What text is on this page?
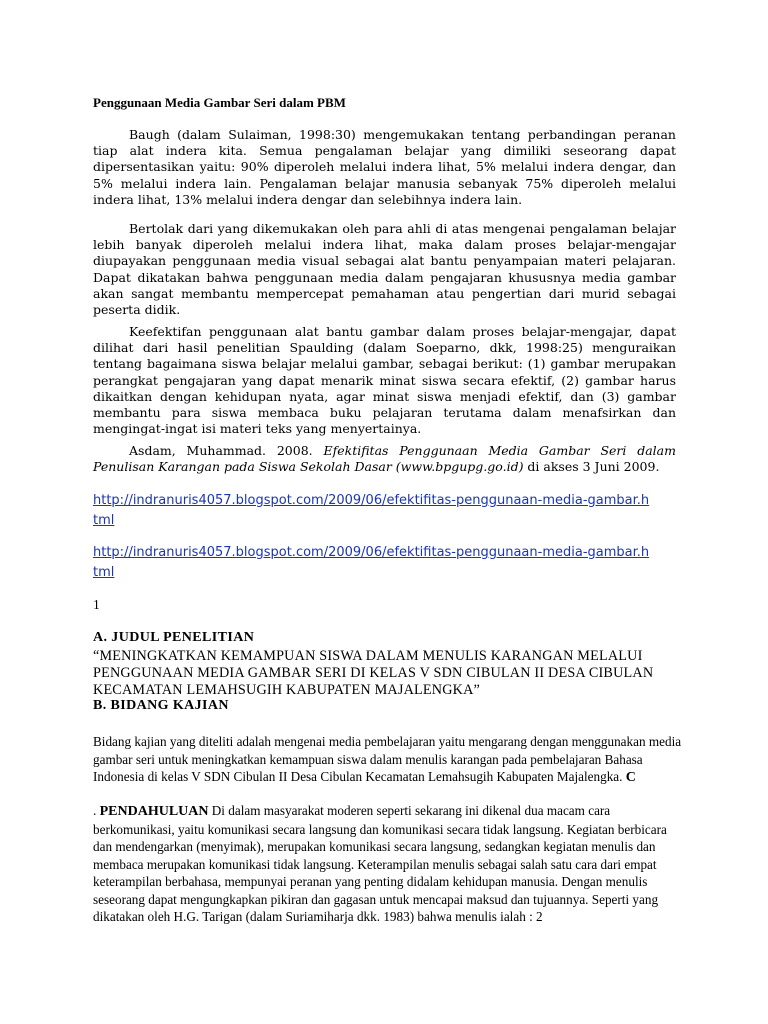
Penggunaan Media Gambar Seri dalam PBM

Baugh (dalam Sulaiman, 1998:30) mengemukakan tentang perbandingan peranan tiap alat indera kita. Semua pengalaman belajar yang dimiliki seseorang dapat dipersentasikan yaitu: 90% diperoleh melalui indera lihat, 5% melalui indera dengar, dan 5% melalui indera lain. Pengalaman belajar manusia sebanyak 75% diperoleh melalui indera lihat, 13% melalui indera dengar dan selebihnya indera lain.

Bertolak dari yang dikemukakan oleh para ahli di atas mengenai pengalaman belajar lebih banyak diperoleh melalui indera lihat, maka dalam proses belajar-mengajar diupayakan penggunaan media visual sebagai alat bantu penyampaian materi pelajaran. Dapat dikatakan bahwa penggunaan media dalam pengajaran khususnya media gambar akan sangat membantu mempercepat pemahaman atau pengertian dari murid sebagai peserta didik.

Keefektifan penggunaan alat bantu gambar dalam proses belajar-mengajar, dapat dilihat dari hasil penelitian Spaulding (dalam Soeparno, dkk, 1998:25) menguraikan tentang bagaimana siswa belajar melalui gambar, sebagai berikut: (1) gambar merupakan perangkat pengajaran yang dapat menarik minat siswa secara efektif, (2) gambar harus dikaitkan dengan kehidupan nyata, agar minat siswa menjadi efektif, dan (3) gambar membantu para siswa membaca buku pelajaran terutama dalam menafsirkan dan mengingat-ingat isi materi teks yang menyertainya.

Asdam, Muhammad. 2008. Efektifitas Penggunaan Media Gambar Seri dalam Penulisan Karangan pada Siswa Sekolah Dasar (www.bpgupg.go.id) di akses 3 Juni 2009.

http://indranuris4057.blogspot.com/2009/06/efektifitas-penggunaan-media-gambar.html
http://indranuris4057.blogspot.com/2009/06/efektifitas-penggunaan-media-gambar.html
1
A. JUDUL PENELITIAN
“MENINGKATKAN KEMAMPUAN SISWA DALAM MENULIS KARANGAN MELALUI PENGGUNAAN MEDIA GAMBAR SERI DI KELAS V SDN CIBULAN II DESA CIBULAN KECAMATAN LEMAHSUGIH KABUPATEN MAJALENGKA”
B. BIDANG KAJIAN
Bidang kajian yang diteliti adalah mengenai media pembelajaran yaitu mengarang dengan menggunakan media gambar seri untuk meningkatkan kemampuan siswa dalam menulis karangan pada pembelajaran Bahasa Indonesia di kelas V SDN Cibulan II Desa Cibulan Kecamatan Lemahsugih Kabupaten Majalengka. C
. PENDAHULUAN Di dalam masyarakat moderen seperti sekarang ini dikenal dua macam cara berkomunikasi, yaitu komunikasi secara langsung dan komunikasi secara tidak langsung. Kegiatan berbicara dan mendengarkan (menyimak), merupakan komunikasi secara langsung, sedangkan kegiatan menulis dan membaca merupakan komunikasi tidak langsung. Keterampilan menulis sebagai salah satu cara dari empat keterampilan berbahasa, mempunyai peranan yang penting didalam kehidupan manusia. Dengan menulis seseorang dapat mengungkapkan pikiran dan gagasan untuk mencapai maksud dan tujuannya. Seperti yang dikatakan oleh H.G. Tarigan (dalam Suriamiharja dkk. 1983) bahwa menulis ialah : 2
